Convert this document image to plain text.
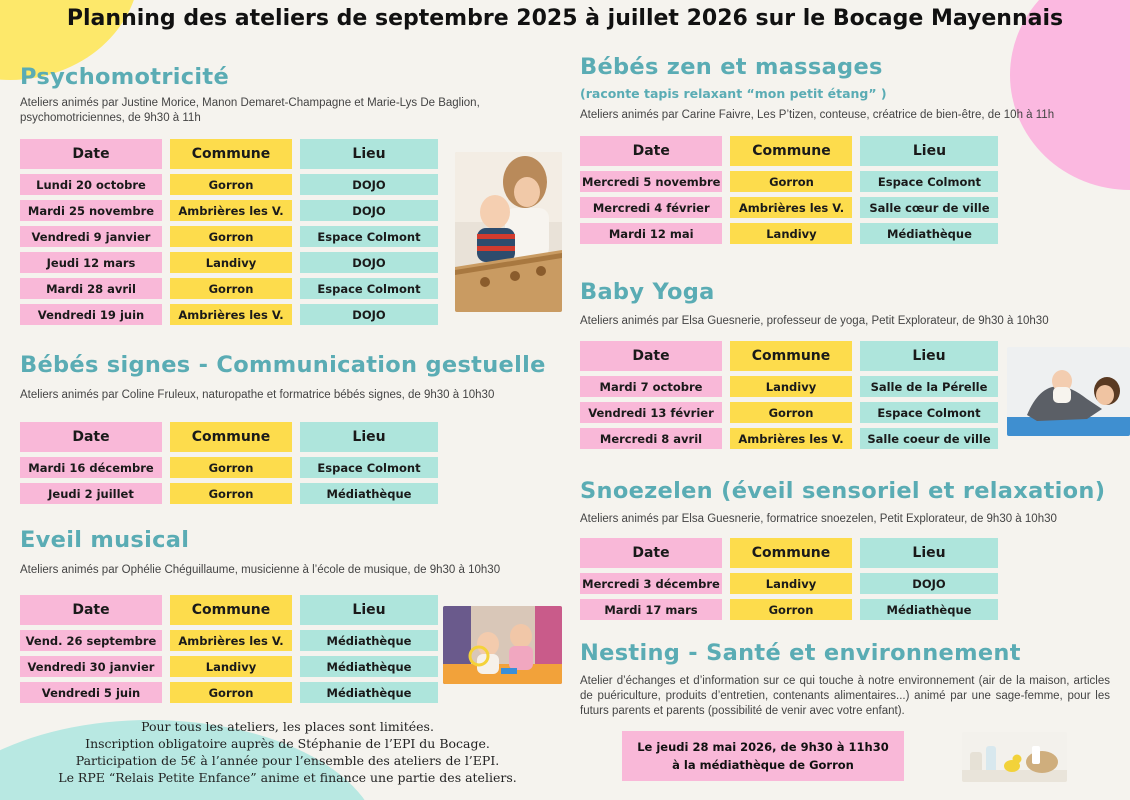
Planning des ateliers de septembre 2025 à juillet 2026 sur le Bocage Mayennais
Psychomotricité
Ateliers animés par Justine Morice, Manon Demaret-Champagne et Marie-Lys De Baglion, psychomotriciennes, de 9h30 à 11h
Date	Commune	Lieu
Lundi 20 octobre	Gorron	DOJO
Mardi 25 novembre	Ambrières les V.	DOJO
Vendredi 9 janvier	Gorron	Espace Colmont
Jeudi 12 mars	Landivy	DOJO
Mardi 28 avril	Gorron	Espace Colmont
Vendredi 19 juin	Ambrières les V.	DOJO
Bébés signes - Communication gestuelle
Ateliers animés par Coline Fruleux, naturopathe et formatrice bébés signes, de 9h30 à 10h30
Date	Commune	Lieu
Mardi 16 décembre	Gorron	Espace Colmont
Jeudi 2 juillet	Gorron	Médiathèque
Eveil musical
Ateliers animés par Ophélie Chéguillaume, musicienne à l’école de musique, de 9h30 à 10h30
Date	Commune	Lieu
Vend. 26 septembre	Ambrières les V.	Médiathèque
Vendredi 30 janvier	Landivy	Médiathèque
Vendredi 5 juin	Gorron	Médiathèque
Pour tous les ateliers, les places sont limitées.
Inscription obligatoire auprès de Stéphanie de l’EPI du Bocage.
Participation de 5€ à l’année pour l’ensemble des ateliers de l’EPI.
Le RPE “Relais Petite Enfance” anime et finance une partie des ateliers.
Bébés zen et massages
(raconte tapis relaxant “mon petit étang” )
Ateliers animés par Carine Faivre, Les P’tizen, conteuse, créatrice de bien-être, de 10h à 11h
Date	Commune	Lieu
Mercredi 5 novembre	Gorron	Espace Colmont
Mercredi 4 février	Ambrières les V.	Salle cœur de ville
Mardi 12 mai	Landivy	Médiathèque
Baby Yoga
Ateliers animés par Elsa Guesnerie, professeur de yoga, Petit Explorateur, de 9h30 à 10h30
Date	Commune	Lieu
Mardi 7 octobre	Landivy	Salle de la Pérelle
Vendredi 13 février	Gorron	Espace Colmont
Mercredi 8 avril	Ambrières les V.	Salle coeur de ville
Snoezelen (éveil sensoriel et relaxation)
Ateliers animés par Elsa Guesnerie, formatrice snoezelen, Petit Explorateur, de 9h30 à 10h30
Date	Commune	Lieu
Mercredi 3 décembre	Landivy	DOJO
Mardi 17 mars	Gorron	Médiathèque
Nesting - Santé et environnement
Atelier d’échanges et d’information sur ce qui touche à notre environnement (air de la maison, articles de puériculture, produits d’entretien, contenants alimentaires...) animé par une sage-femme, pour les futurs parents et parents (possibilité de venir avec votre enfant).
Le jeudi 28 mai 2026, de 9h30 à 11h30
à la médiathèque de Gorron
